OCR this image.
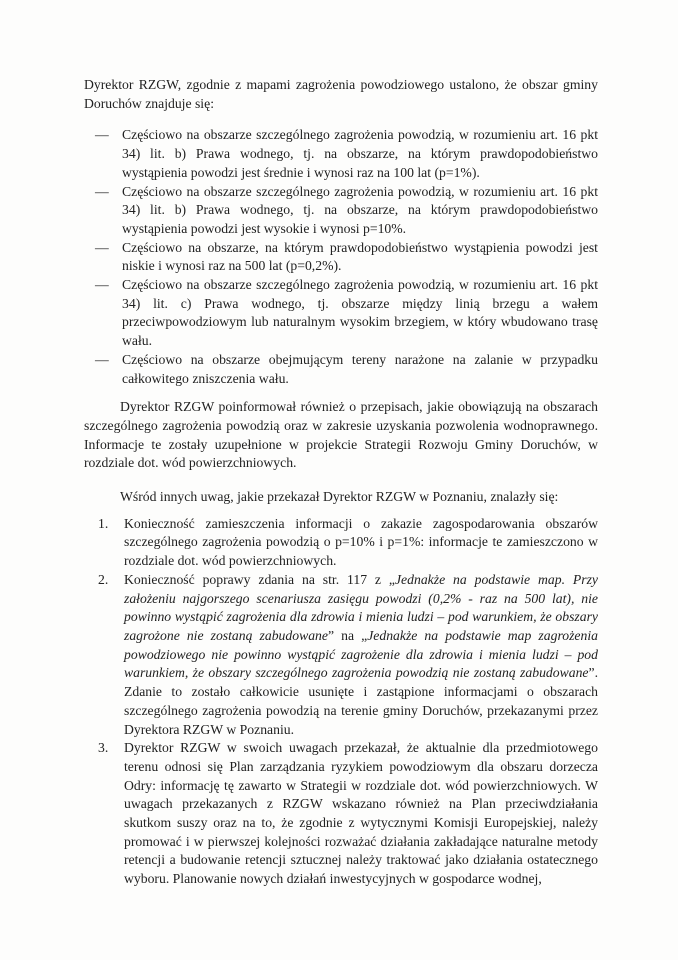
Dyrektor RZGW, zgodnie z mapami zagrożenia powodziowego ustalono, że obszar gminy Doruchów znajduje się:

— Częściowo na obszarze szczególnego zagrożenia powodzią, w rozumieniu art. 16 pkt 34) lit. b) Prawa wodnego, tj. na obszarze, na którym prawdopodobieństwo wystąpienia powodzi jest średnie i wynosi raz na 100 lat (p=1%).
— Częściowo na obszarze szczególnego zagrożenia powodzią, w rozumieniu art. 16 pkt 34) lit. b) Prawa wodnego, tj. na obszarze, na którym prawdopodobieństwo wystąpienia powodzi jest wysokie i wynosi p=10%.
— Częściowo na obszarze, na którym prawdopodobieństwo wystąpienia powodzi jest niskie i wynosi raz na 500 lat (p=0,2%).
— Częściowo na obszarze szczególnego zagrożenia powodzią, w rozumieniu art. 16 pkt 34) lit. c) Prawa wodnego, tj. obszarze między linią brzegu a wałem przeciwpowodziowym lub naturalnym wysokim brzegiem, w który wbudowano trasę wału.
— Częściowo na obszarze obejmującym tereny narażone na zalanie w przypadku całkowitego zniszczenia wału.

Dyrektor RZGW poinformował również o przepisach, jakie obowiązują na obszarach szczególnego zagrożenia powodzią oraz w zakresie uzyskania pozwolenia wodnoprawnego. Informacje te zostały uzupełnione w projekcie Strategii Rozwoju Gminy Doruchów, w rozdziale dot. wód powierzchniowych.

Wśród innych uwag, jakie przekazał Dyrektor RZGW w Poznaniu, znalazły się:

1. Konieczność zamieszczenia informacji o zakazie zagospodarowania obszarów szczególnego zagrożenia powodzią o p=10% i p=1%: informacje te zamieszczono w rozdziale dot. wód powierzchniowych.
2. Konieczność poprawy zdania na str. 117 z „Jednakże na podstawie map. Przy założeniu najgorszego scenariusza zasięgu powodzi (0,2% - raz na 500 lat), nie powinno wystąpić zagrożenia dla zdrowia i mienia ludzi – pod warunkiem, że obszary zagrożone nie zostaną zabudowane” na „Jednakże na podstawie map zagrożenia powodziowego nie powinno wystąpić zagrożenie dla zdrowia i mienia ludzi – pod warunkiem, że obszary szczególnego zagrożenia powodzią nie zostaną zabudowane”. Zdanie to zostało całkowicie usunięte i zastąpione informacjami o obszarach szczególnego zagrożenia powodzią na terenie gminy Doruchów, przekazanymi przez Dyrektora RZGW w Poznaniu.
3. Dyrektor RZGW w swoich uwagach przekazał, że aktualnie dla przedmiotowego terenu odnosi się Plan zarządzania ryzykiem powodziowym dla obszaru dorzecza Odry: informację tę zawarto w Strategii w rozdziale dot. wód powierzchniowych. W uwagach przekazanych z RZGW wskazano również na Plan przeciwdziałania skutkom suszy oraz na to, że zgodnie z wytycznymi Komisji Europejskiej, należy promować i w pierwszej kolejności rozważać działania zakładające naturalne metody retencji a budowanie retencji sztucznej należy traktować jako działania ostatecznego wyboru. Planowanie nowych działań inwestycyjnych w gospodarce wodnej,
